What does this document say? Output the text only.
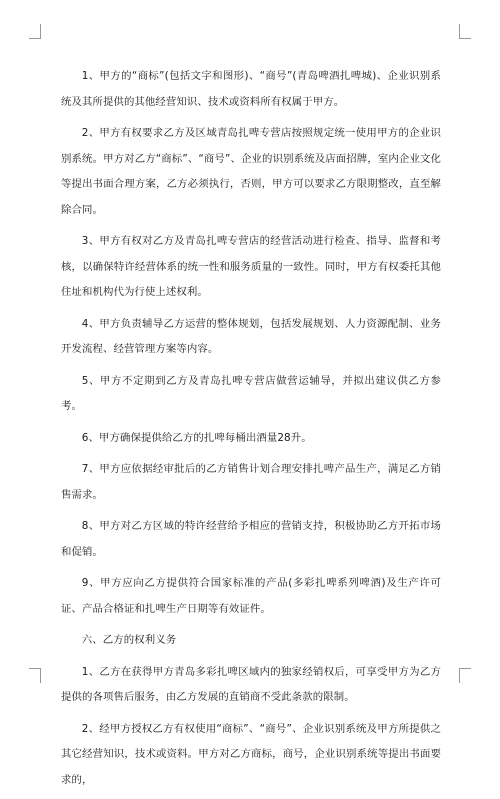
1、甲方的“商标”(包括文字和图形)、“商号”(青岛啤酒扎啤城)、企业识别系统及其所提供的其他经营知识、技术或资料所有权属于甲方。

2、甲方有权要求乙方及区域青岛扎啤专营店按照规定统一使用甲方的企业识别系统。甲方对乙方“商标”、“商号”、企业的识别系统及店面招牌，室内企业文化等提出书面合理方案，乙方必须执行，否则，甲方可以要求乙方限期整改，直至解除合同。

3、甲方有权对乙方及青岛扎啤专营店的经营活动进行检查、指导、监督和考核，以确保特许经营体系的统一性和服务质量的一致性。同时，甲方有权委托其他住址和机构代为行使上述权利。

4、甲方负责辅导乙方运营的整体规划，包括发展规划、人力资源配制、业务开发流程、经营管理方案等内容。

5、甲方不定期到乙方及青岛扎啤专营店做营运辅导，并拟出建议供乙方参考。

6、甲方确保提供给乙方的扎啤每桶出酒量28升。

7、甲方应依据经审批后的乙方销售计划合理安排扎啤产品生产，满足乙方销售需求。

8、甲方对乙方区域的特许经营给予相应的营销支持，积极协助乙方开拓市场和促销。

9、甲方应向乙方提供符合国家标准的产品(多彩扎啤系列啤酒)及生产许可证、产品合格证和扎啤生产日期等有效证件。

六、乙方的权利义务

1、乙方在获得甲方青岛多彩扎啤区域内的独家经销权后，可享受甲方为乙方提供的各项售后服务，由乙方发展的直销商不受此条款的限制。

2、经甲方授权乙方有权使用“商标”、“商号”、企业识别系统及甲方所提供之其它经营知识，技术或资料。甲方对乙方商标，商号，企业识别系统等提出书面要求的，
